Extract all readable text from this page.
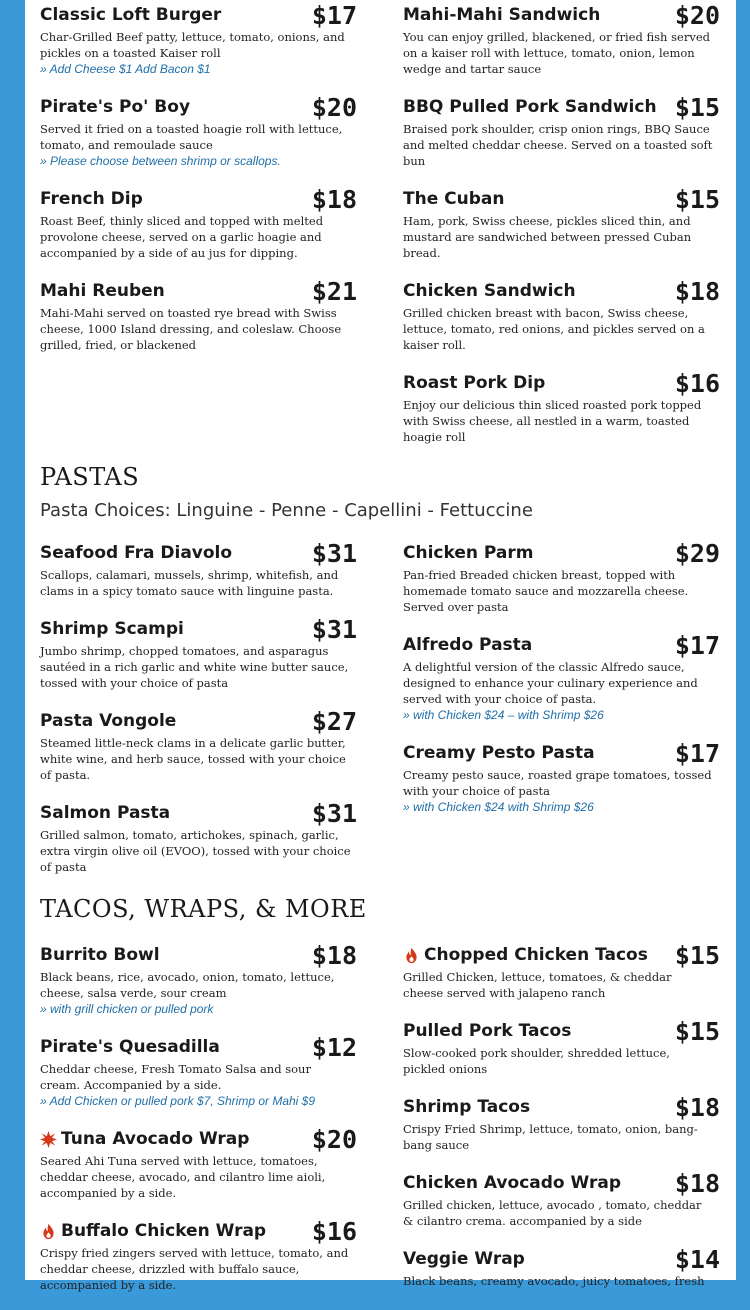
Classic Loft Burger	$17
Char-Grilled Beef patty, lettuce, tomato, onions, and pickles on a toasted Kaiser roll
» Add Cheese $1 Add Bacon $1
Pirate's Po' Boy	$20
Served it fried on a toasted hoagie roll with lettuce, tomato, and remoulade sauce
» Please choose between shrimp or scallops.
French Dip	$18
Roast Beef, thinly sliced and topped with melted provolone cheese, served on a garlic hoagie and accompanied by a side of au jus for dipping.
Mahi Reuben	$21
Mahi-Mahi served on toasted rye bread with Swiss cheese, 1000 Island dressing, and coleslaw. Choose grilled, fried, or blackened
Mahi-Mahi Sandwich	$20
You can enjoy grilled, blackened, or fried fish served on a kaiser roll with lettuce, tomato, onion, lemon wedge and tartar sauce
BBQ Pulled Pork Sandwich $15
Braised pork shoulder, crisp onion rings, BBQ Sauce and melted cheddar cheese. Served on a toasted soft bun
The Cuban	$15
Ham, pork, Swiss cheese, pickles sliced thin, and mustard are sandwiched between pressed Cuban bread.
Chicken Sandwich	$18
Grilled chicken breast with bacon, Swiss cheese, lettuce, tomato, red onions, and pickles served on a kaiser roll.
Roast Pork Dip	$16
Enjoy our delicious thin sliced roasted pork topped with Swiss cheese, all nestled in a warm, toasted hoagie roll
PASTAS
Pasta Choices: Linguine - Penne - Capellini - Fettuccine
Seafood Fra Diavolo	$31
Scallops, calamari, mussels, shrimp, whitefish, and clams in a spicy tomato sauce with linguine pasta.
Shrimp Scampi	$31
Jumbo shrimp, chopped tomatoes, and asparagus sautéed in a rich garlic and white wine butter sauce, tossed with your choice of pasta
Pasta Vongole	$27
Steamed little-neck clams in a delicate garlic butter, white wine, and herb sauce, tossed with your choice of pasta.
Salmon Pasta	$31
Grilled salmon, tomato, artichokes, spinach, garlic, extra virgin olive oil (EVOO), tossed with your choice of pasta
Chicken Parm	$29
Pan-fried Breaded chicken breast, topped with homemade tomato sauce and mozzarella cheese. Served over pasta
Alfredo Pasta	$17
A delightful version of the classic Alfredo sauce, designed to enhance your culinary experience and served with your choice of pasta.
» with Chicken $24 – with Shrimp $26
Creamy Pesto Pasta	$17
Creamy pesto sauce, roasted grape tomatoes, tossed with your choice of pasta
» with Chicken $24 with Shrimp $26
TACOS, WRAPS, & MORE
Burrito Bowl	$18
Black beans, rice, avocado, onion, tomato, lettuce, cheese, salsa verde, sour cream
» with grill chicken or pulled pork
Pirate's Quesadilla	$12
Cheddar cheese, Fresh Tomato Salsa and sour cream. Accompanied by a side.
» Add Chicken or pulled pork $7, Shrimp or Mahi $9
Tuna Avocado Wrap $20
Seared Ahi Tuna served with lettuce, tomatoes, cheddar cheese, avocado, and cilantro lime aioli, accompanied by a side.
Buffalo Chicken Wrap $16
Crispy fried zingers served with lettuce, tomato, and cheddar cheese, drizzled with buffalo sauce, accompanied by a side.
Chopped Chicken Tacos $15
Grilled Chicken, lettuce, tomatoes, & cheddar cheese served with jalapeno ranch
Pulled Pork Tacos	$15
Slow-cooked pork shoulder, shredded lettuce, pickled onions
Shrimp Tacos	$18
Crispy Fried Shrimp, lettuce, tomato, onion, bang-bang sauce
Chicken Avocado Wrap $18
Grilled chicken, lettuce, avocado , tomato, cheddar & cilantro crema. accompanied by a side
Veggie Wrap	$14
Black beans, creamy avocado, juicy tomatoes, fresh
